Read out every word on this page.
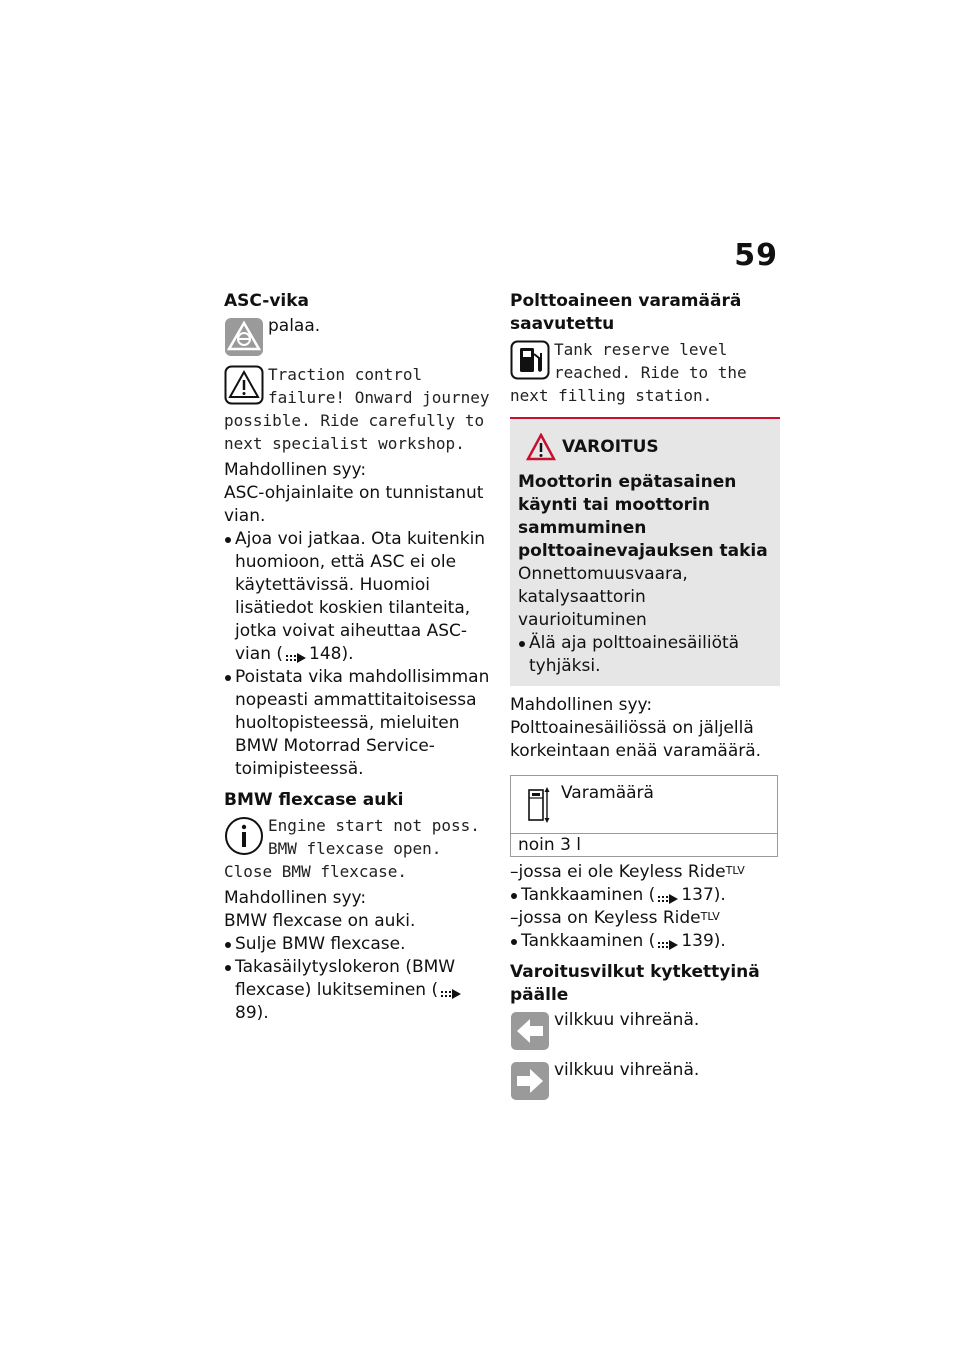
59
ASC-vika

palaa.

Traction control failure! Onward journey possible. Ride carefully to next specialist workshop.

Mahdollinen syy:

ASC-ohjainlaite on tunnistanut vian.

Ajoa voi jatkaa. Ota kuitenkin huomioon, että ASC ei ole käytettävissä. Huomioi lisätiedot koskien tilanteita, jotka voivat aiheuttaa ASC-vian ( 148).
Poistata vika mahdollisimman nopeasti ammattitaitoisessa huoltopisteessä, mieluiten BMW Motorrad Service-toimipisteessä.
BMW flexcase auki

Engine start not poss. BMW flexcase open. Close BMW flexcase.

Mahdollinen syy:

BMW flexcase on auki.

Sulje BMW flexcase.
Takasäilytyslokeron (BMW flexcase) lukitseminen (89).
Polttoaineen varamäärä saavutettu

Tank reserve level reached. Ride to the next filling station.

VAROITUS
Moottorin epätasainen käynti tai moottorin sammuminen polttoainevajauksen takia

Onnettomuusvaara, katalysaattorin vaurioituminen

Älä aja polttoainesäiliötä tyhjäksi.

Mahdollinen syy:

Polttoainesäiliössä on jäljellä korkeintaan enää varamäärä.

Varamäärä

noin 3 l

–jossa ei ole Keyless Ride$^{TLV}$

Tankkaaminen ( 137).

–jossa on Keyless Ride$^{TLV}$

Tankkaaminen ( 139).
Varoitusvilkut kytkettyinä päälle

vilkkuu vihreänä.

vilkkuu vihreänä.
